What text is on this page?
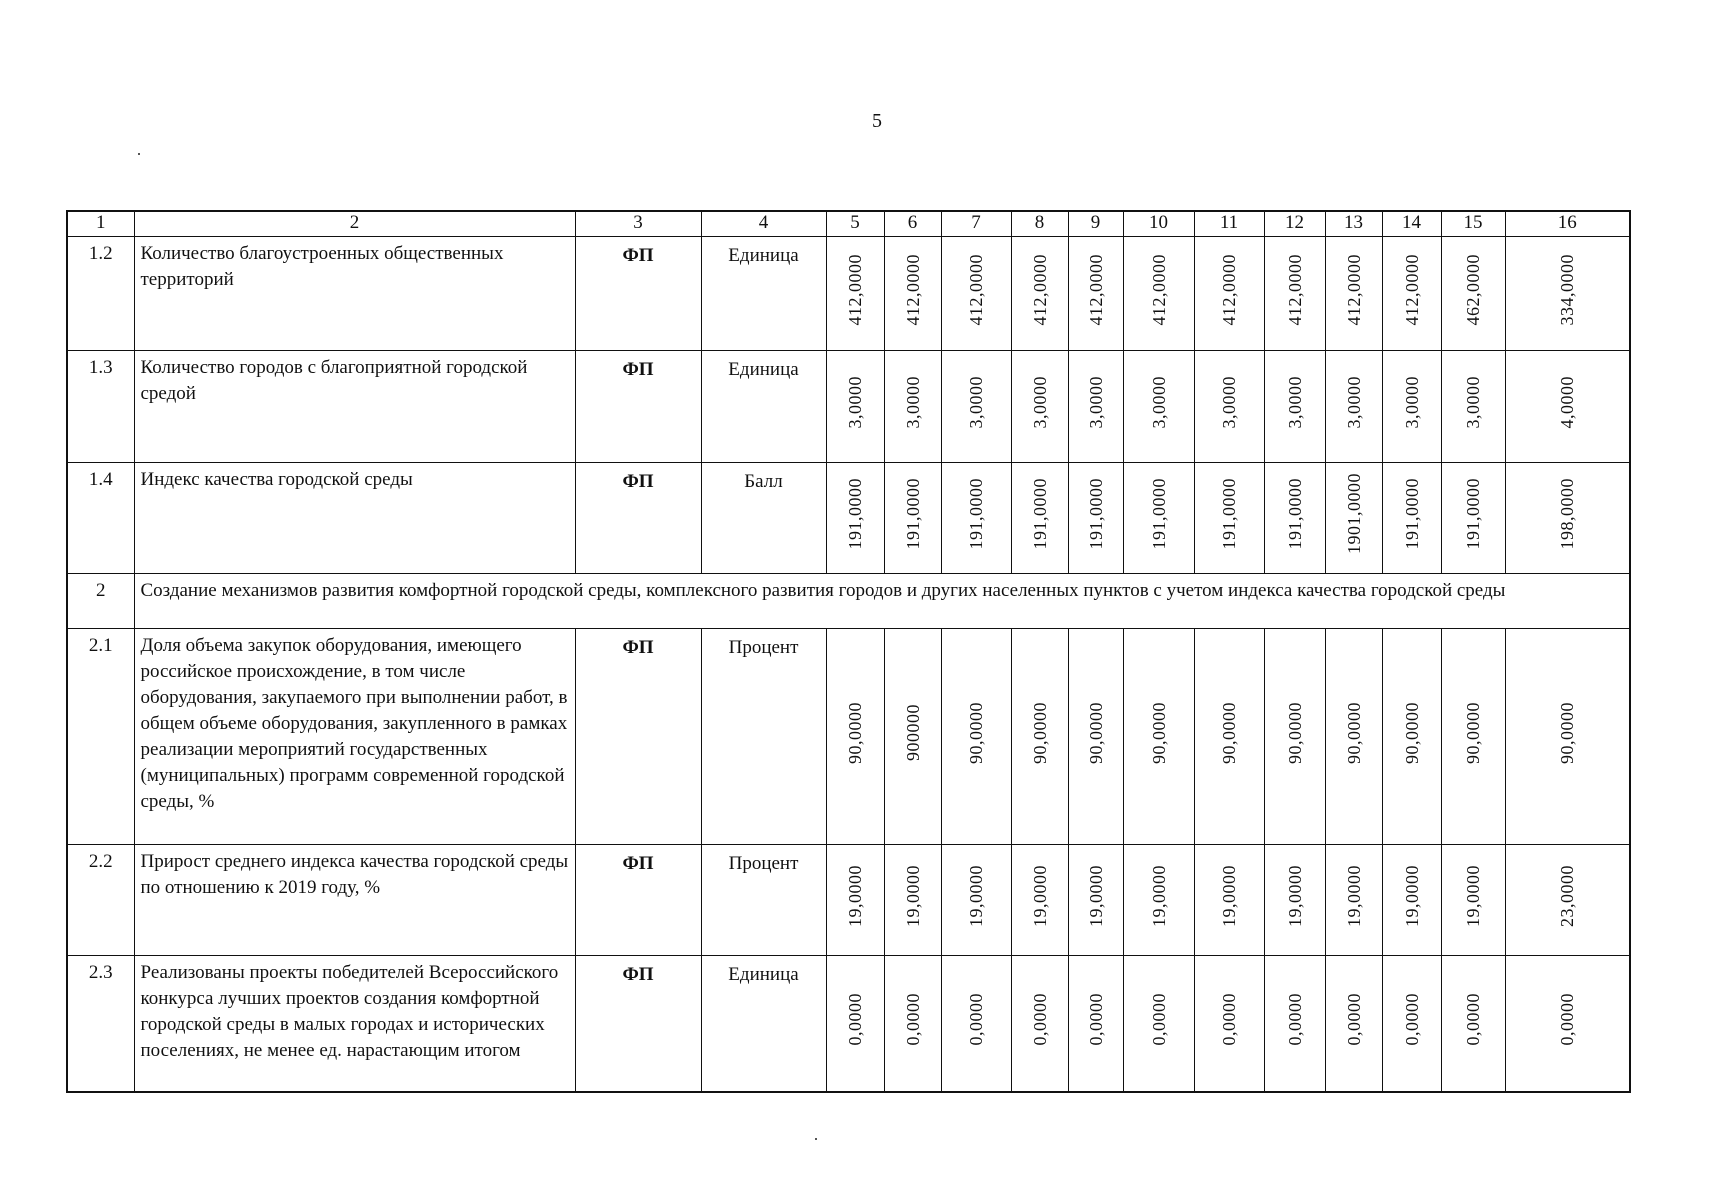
5
1	2	3	4	5	6	7	8	9	10	11	12	13	14	15	16
1.2	Количество благоустроенных общественных территорий	ФП	Единица	412,0000	412,0000	412,0000	412,0000	412,0000	412,0000	412,0000	412,0000	412,0000	412,0000	462,0000	334,0000
1.3	Количество городов с благоприятной городской средой	ФП	Единица	3,0000	3,0000	3,0000	3,0000	3,0000	3,0000	3,0000	3,0000	3,0000	3,0000	3,0000	4,0000
1.4	Индекс качества городской среды	ФП	Балл	191,0000	191,0000	191,0000	191,0000	191,0000	191,0000	191,0000	191,0000	1901,0000	191,0000	191,0000	198,0000
2	Создание механизмов развития комфортной городской среды, комплексного развития городов и других населенных пунктов с учетом индекса качества городской среды														
2.1	Доля объема закупок оборудования, имеющего российское происхождение, в том числе оборудования, закупаемого при выполнении работ, в общем объеме оборудования, закупленного в рамках реализации мероприятий государственных (муниципальных) программ современной городской среды, %	ФП	Процент	90,0000	900000	90,0000	90,0000	90,0000	90,0000	90,0000	90,0000	90,0000	90,0000	90,0000	90,0000
2.2	Прирост среднего индекса качества городской среды по отношению к 2019 году, %	ФП	Процент	19,0000	19,0000	19,0000	19,0000	19,0000	19,0000	19,0000	19,0000	19,0000	19,0000	19,0000	23,0000
2.3	Реализованы проекты победителей Всероссийского конкурса лучших проектов создания комфортной городской среды в малых городах и исторических поселениях, не менее ед. нарастающим итогом	ФП	Единица	0,0000	0,0000	0,0000	0,0000	0,0000	0,0000	0,0000	0,0000	0,0000	0,0000	0,0000	0,0000
